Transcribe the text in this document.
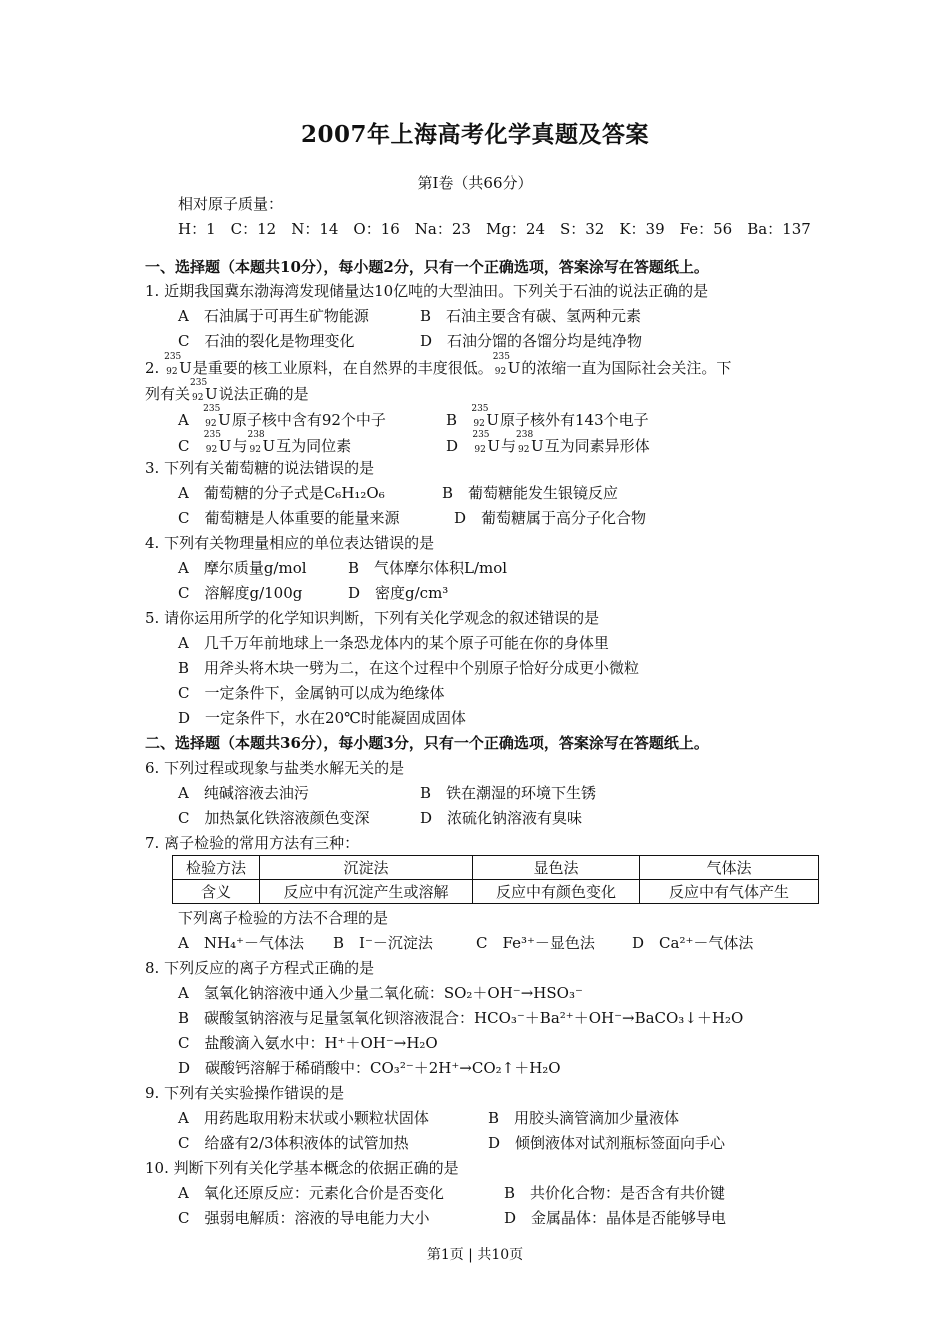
2007年上海高考化学真题及答案
第Ⅰ卷（共66分）
相对原子质量：
H：1　C：12　N：14　O：16　Na：23　Mg：24　S：32　K：39　Fe：56　Ba：137
一、选择题（本题共10分），每小题2分，只有一个正确选项，答案涂写在答题纸上。
1. 近期我国冀东渤海湾发现储量达10亿吨的大型油田。下列关于石油的说法正确的是
A　石油属于可再生矿物能源	B　石油主要含有碳、氢两种元素
C　石油的裂化是物理变化	D　石油分馏的各馏分均是纯净物
2.
235
92 U是重要的核工业原料，在自然界的丰度很低。
235
92 U的浓缩一直为国际社会关注。下
列有关
235
92 U说法正确的是
A
235
92 U原子核中含有92个中子	B
235
92 U原子核外有143个电子
C
235
92 U与
238
92 U互为同位素	D
235
92 U与
238
92 U互为同素异形体
3. 下列有关葡萄糖的说法错误的是
A　葡萄糖的分子式是C₆H₁₂O₆	B　葡萄糖能发生银镜反应
C　葡萄糖是人体重要的能量来源	D　葡萄糖属于高分子化合物
4. 下列有关物理量相应的单位表达错误的是
A　摩尔质量g/mol	B　气体摩尔体积L/mol
C　溶解度g/100g	D　密度g/cm³
5. 请你运用所学的化学知识判断，下列有关化学观念的叙述错误的是
A　几千万年前地球上一条恐龙体内的某个原子可能在你的身体里
B　用斧头将木块一劈为二，在这个过程中个别原子恰好分成更小微粒
C　一定条件下，金属钠可以成为绝缘体
D　一定条件下，水在20℃时能凝固成固体
二、选择题（本题共36分），每小题3分，只有一个正确选项，答案涂写在答题纸上。
6. 下列过程或现象与盐类水解无关的是
A　纯碱溶液去油污	B　铁在潮湿的环境下生锈
C　加热氯化铁溶液颜色变深	D　浓硫化钠溶液有臭味
7. 离子检验的常用方法有三种：
检验方法	沉淀法	显色法	气体法
含义	反应中有沉淀产生或溶解	反应中有颜色变化	反应中有气体产生
下列离子检验的方法不合理的是
A　NH₄⁺－气体法 B　I⁻－沉淀法	C　Fe³⁺－显色法 D　Ca²⁺－气体法
8. 下列反应的离子方程式正确的是
A　氢氧化钠溶液中通入少量二氧化硫：SO₂＋OH⁻→HSO₃⁻
B　碳酸氢钠溶液与足量氢氧化钡溶液混合：HCO₃⁻＋Ba²⁺＋OH⁻→BaCO₃↓＋H₂O
C　盐酸滴入氨水中：H⁺＋OH⁻→H₂O
D　碳酸钙溶解于稀硝酸中：CO₃²⁻＋2H⁺→CO₂↑＋H₂O
9. 下列有关实验操作错误的是
A　用药匙取用粉末状或小颗粒状固体	B　用胶头滴管滴加少量液体
C　给盛有2/3体积液体的试管加热	D　倾倒液体对试剂瓶标签面向手心
10. 判断下列有关化学基本概念的依据正确的是
A　氧化还原反应：元素化合价是否变化	B　共价化合物：是否含有共价键
C　强弱电解质：溶液的导电能力大小	D　金属晶体：晶体是否能够导电
第1页 | 共10页
